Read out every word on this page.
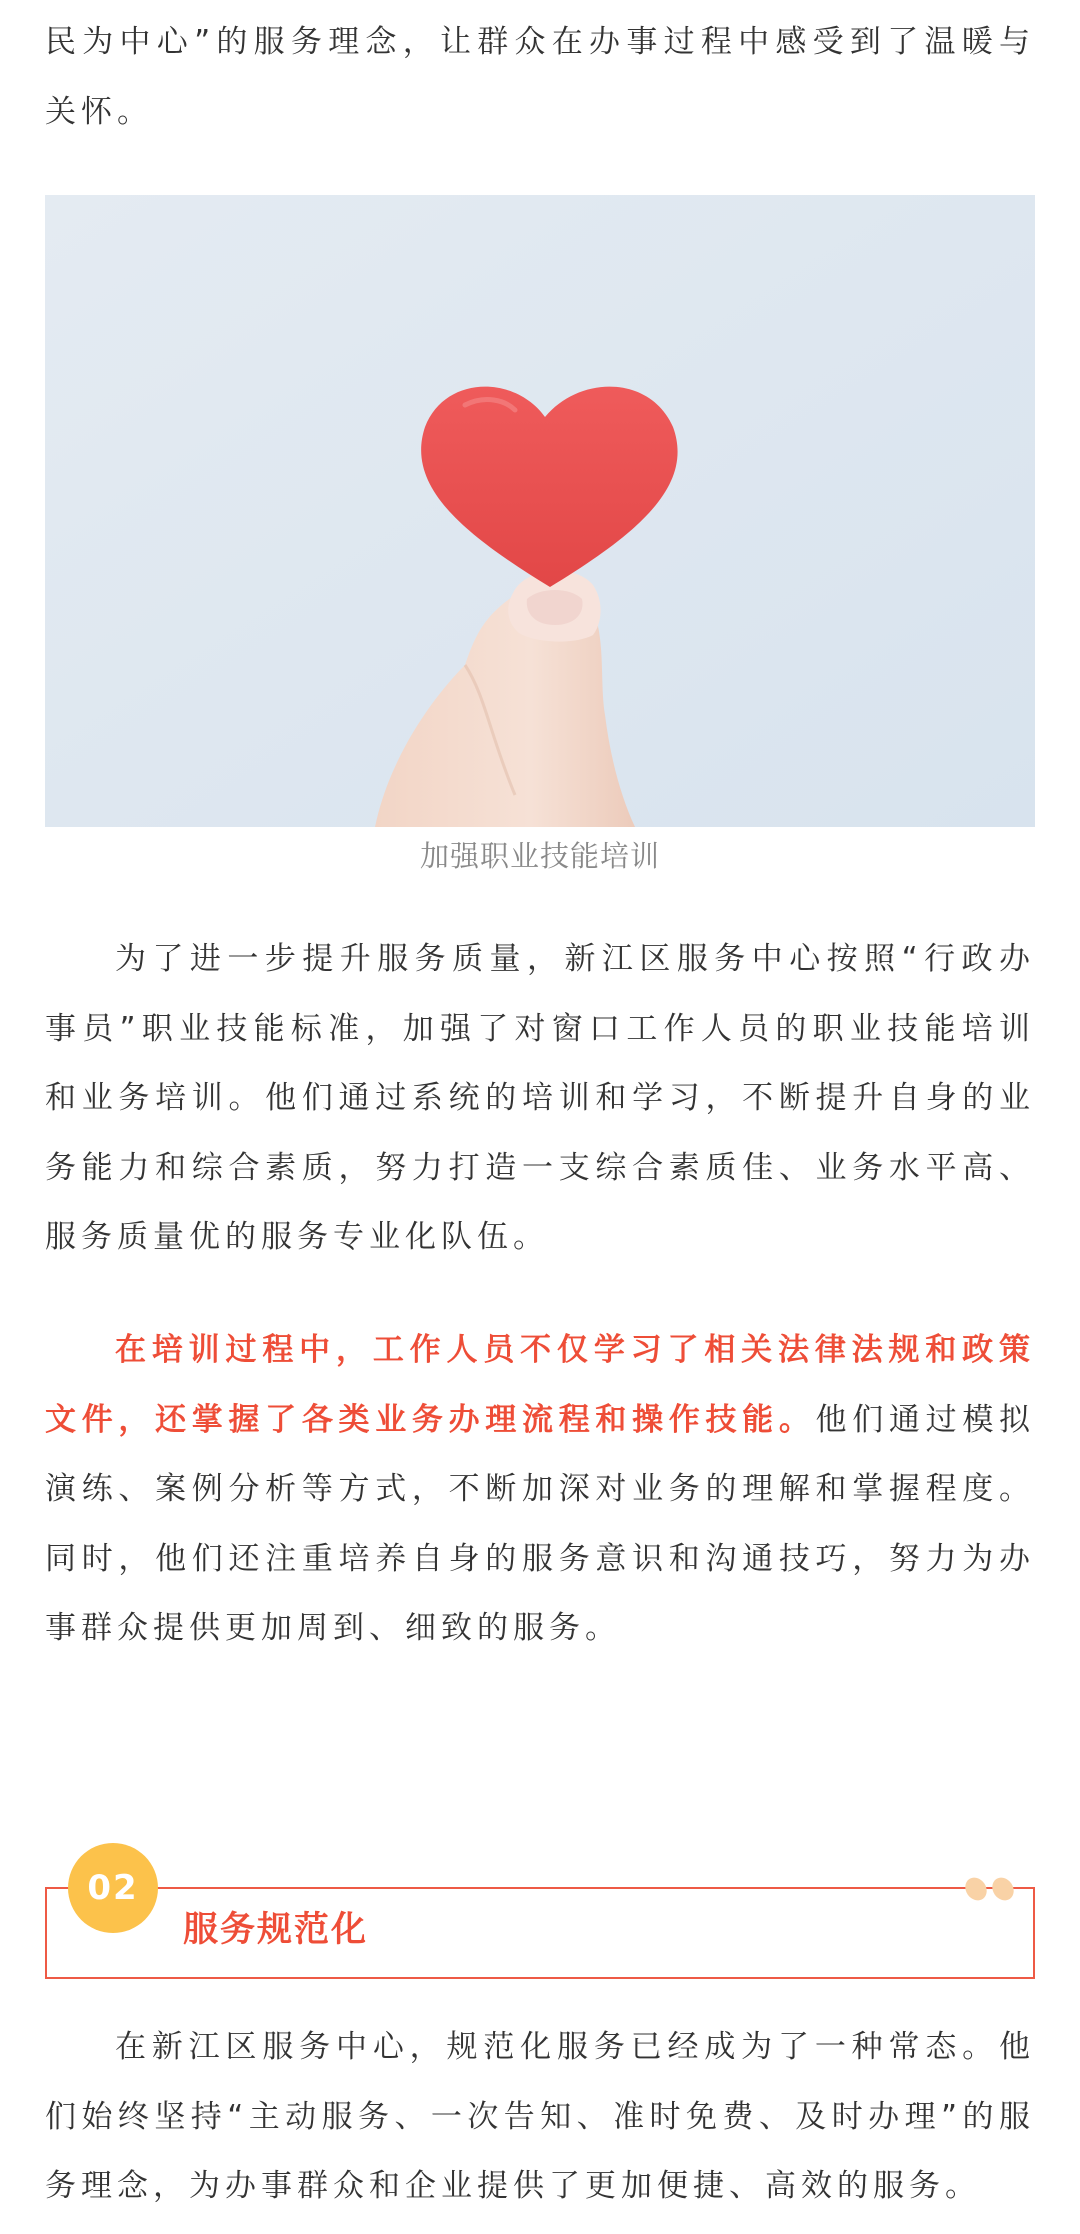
民为中心”的服务理念，让群众在办事过程中感受到了温暖与关怀。

加强职业技能培训

为了进一步提升服务质量，新江区服务中心按照“行政办事员”职业技能标准，加强了对窗口工作人员的职业技能培训和业务培训。他们通过系统的培训和学习，不断提升自身的业务能力和综合素质，努力打造一支综合素质佳、业务水平高、服务质量优的服务专业化队伍。

在培训过程中，工作人员不仅学习了相关法律法规和政策文件，还掌握了各类业务办理流程和操作技能。他们通过模拟演练、案例分析等方式，不断加深对业务的理解和掌握程度。同时，他们还注重培养自身的服务意识和沟通技巧，努力为办事群众提供更加周到、细致的服务。

02
服务规范化

在新江区服务中心，规范化服务已经成为了一种常态。他们始终坚持“主动服务、一次告知、准时免费、及时办理”的服务理念，为办事群众和企业提供了更加便捷、高效的服务。
